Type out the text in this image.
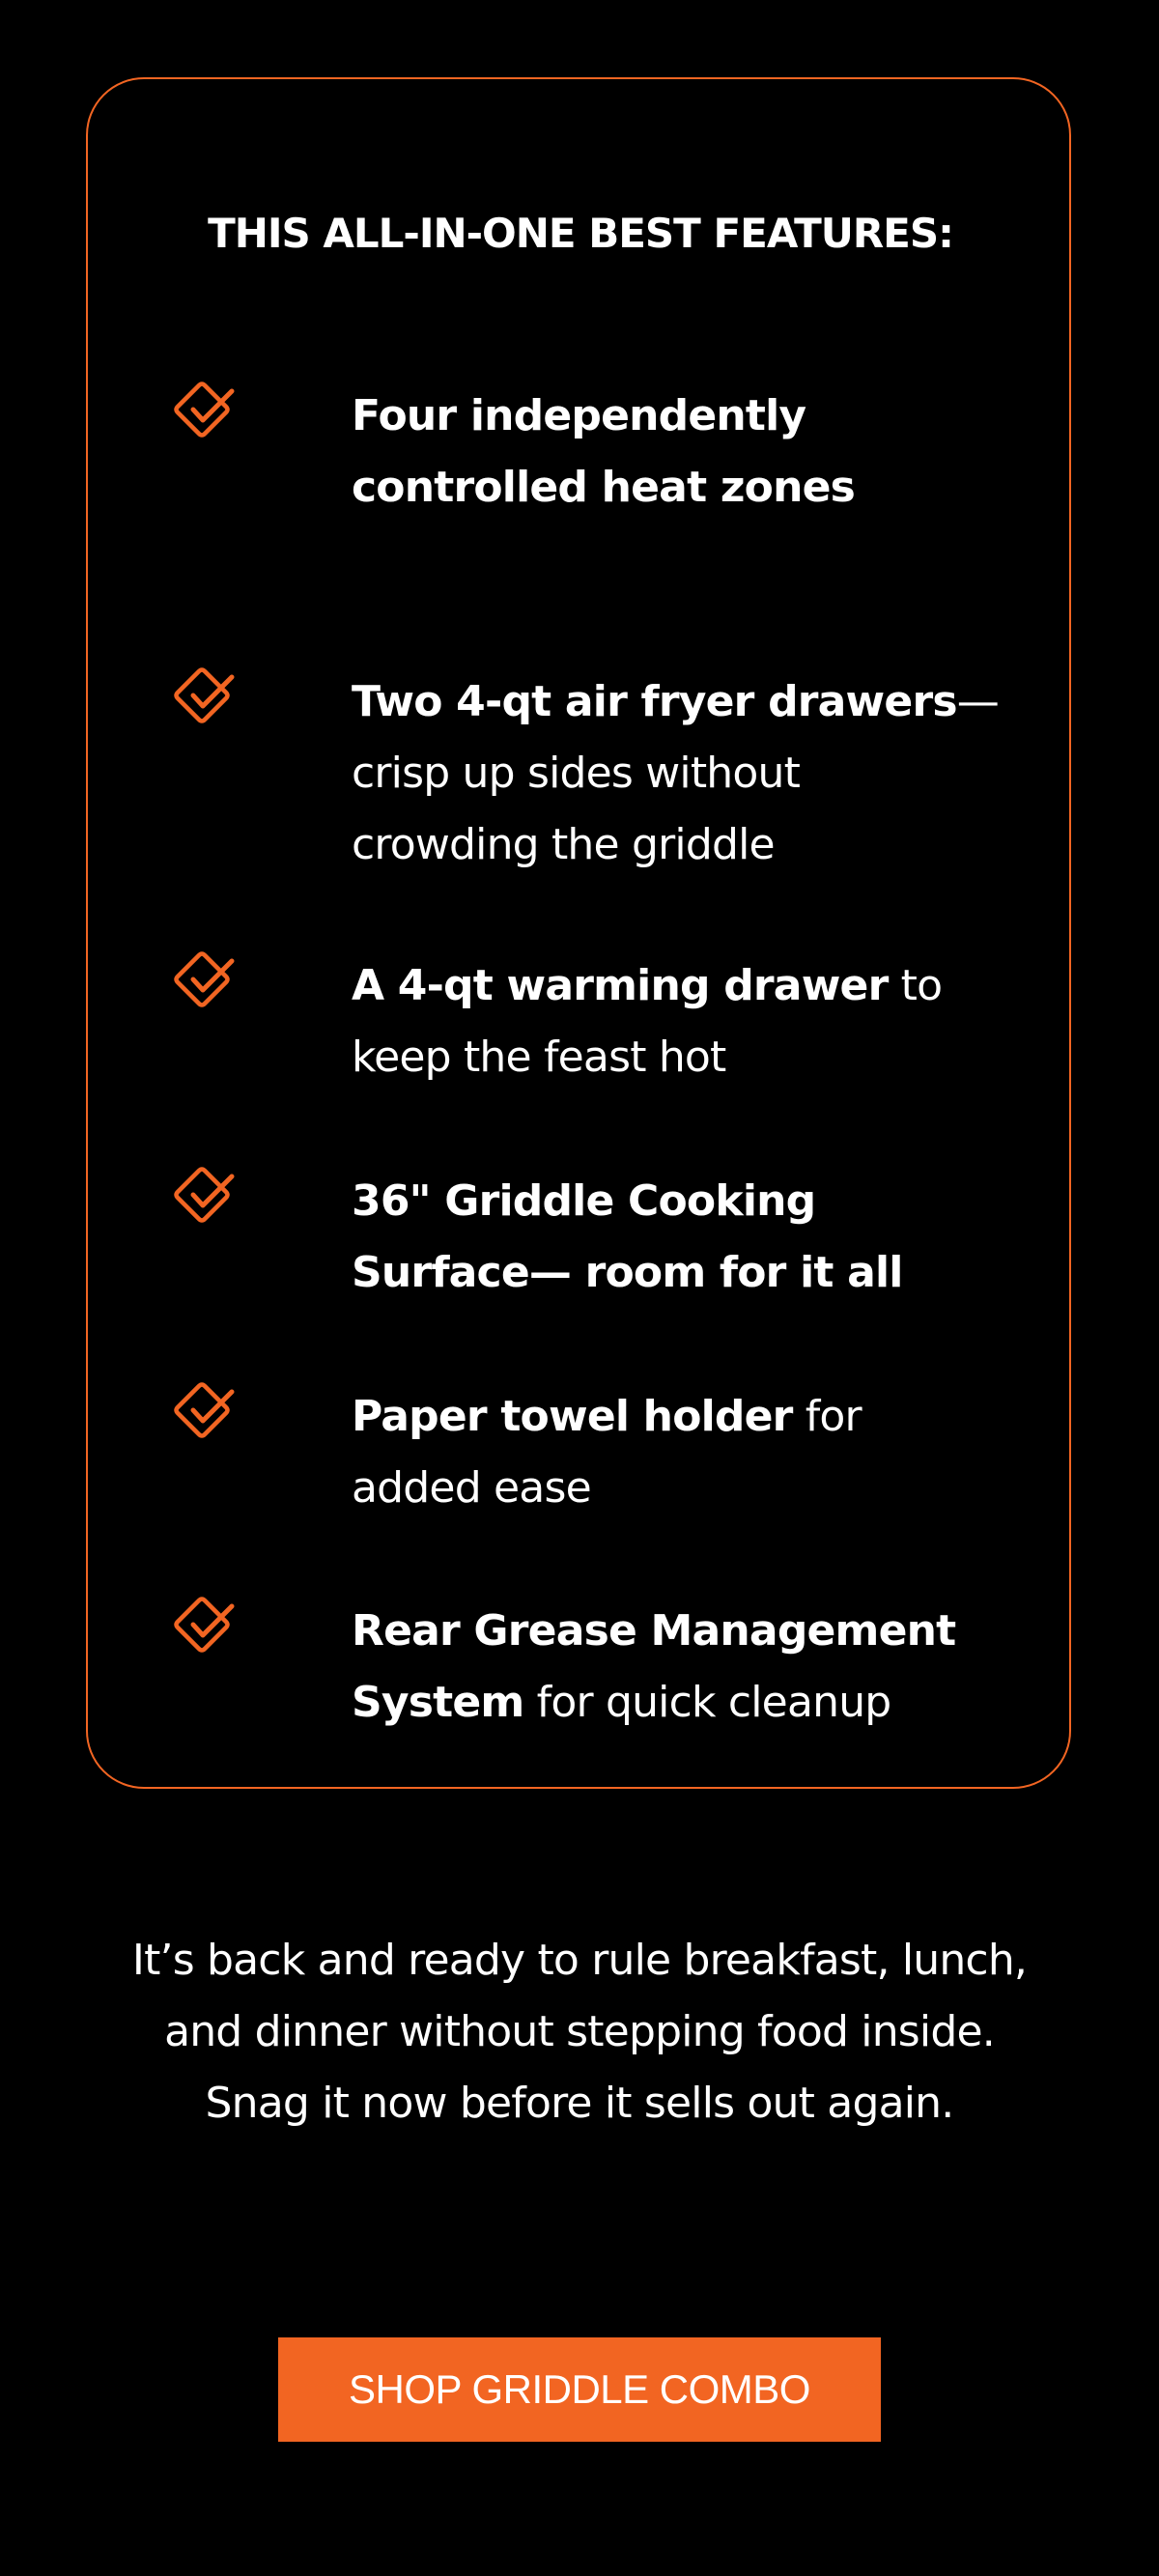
THIS ALL-IN-ONE BEST FEATURES:
Four independently controlled heat zones
Two 4-qt air fryer drawers— crisp up sides without crowding the griddle
A 4-qt warming drawer to keep the feast hot
36" Griddle Cooking Surface— room for it all
Paper towel holder for added ease
Rear Grease Management System for quick cleanup

It’s back and ready to rule breakfast, lunch, and dinner without stepping food inside.

Snag it now before it sells out again.

SHOP GRIDDLE COMBO
